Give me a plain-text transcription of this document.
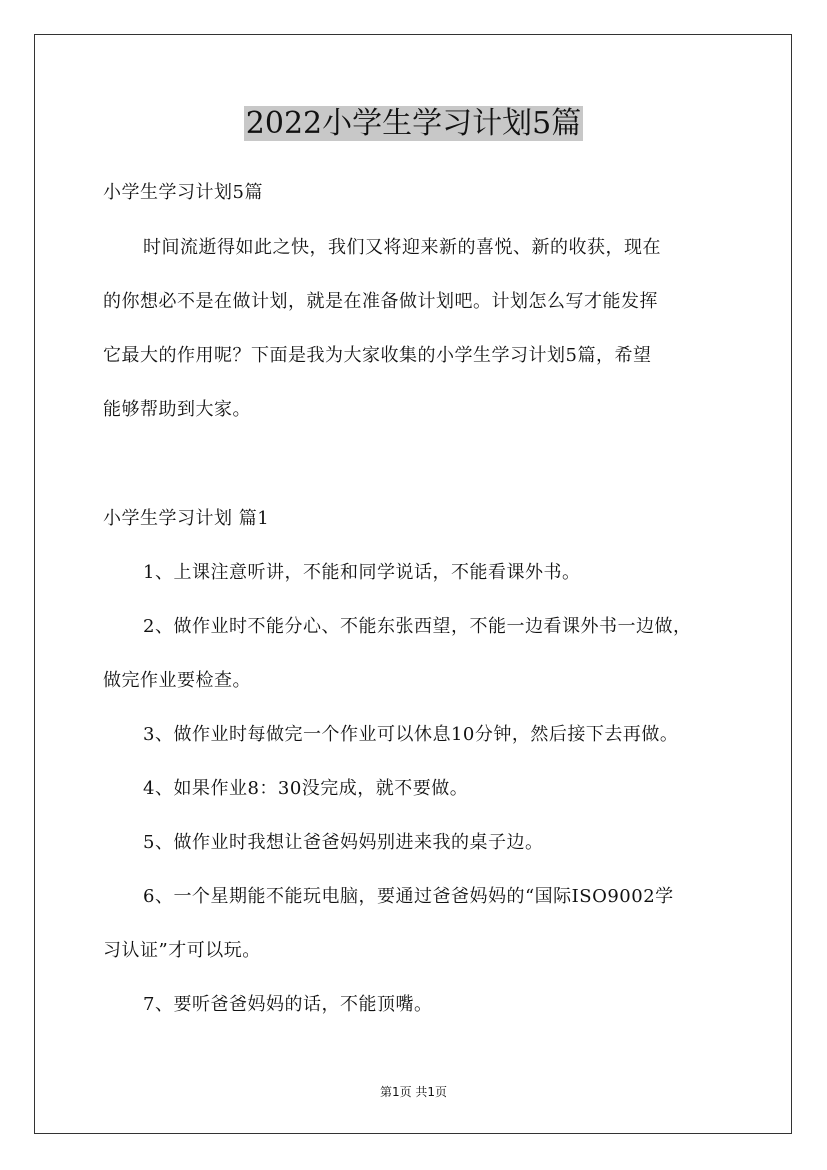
2022小学生学习计划5篇
小学生学习计划5篇
时间流逝得如此之快，我们又将迎来新的喜悦、新的收获，现在
的你想必不是在做计划，就是在准备做计划吧。计划怎么写才能发挥
它最大的作用呢？下面是我为大家收集的小学生学习计划5篇，希望
能够帮助到大家。
小学生学习计划 篇1
1、上课注意听讲，不能和同学说话，不能看课外书。
2、做作业时不能分心、不能东张西望，不能一边看课外书一边做，
做完作业要检查。
3、做作业时每做完一个作业可以休息10分钟，然后接下去再做。
4、如果作业8：30没完成，就不要做。
5、做作业时我想让爸爸妈妈别进来我的桌子边。
6、一个星期能不能玩电脑，要通过爸爸妈妈的“国际ISO9002学
习认证”才可以玩。
7、要听爸爸妈妈的话，不能顶嘴。
第1页 共1页
